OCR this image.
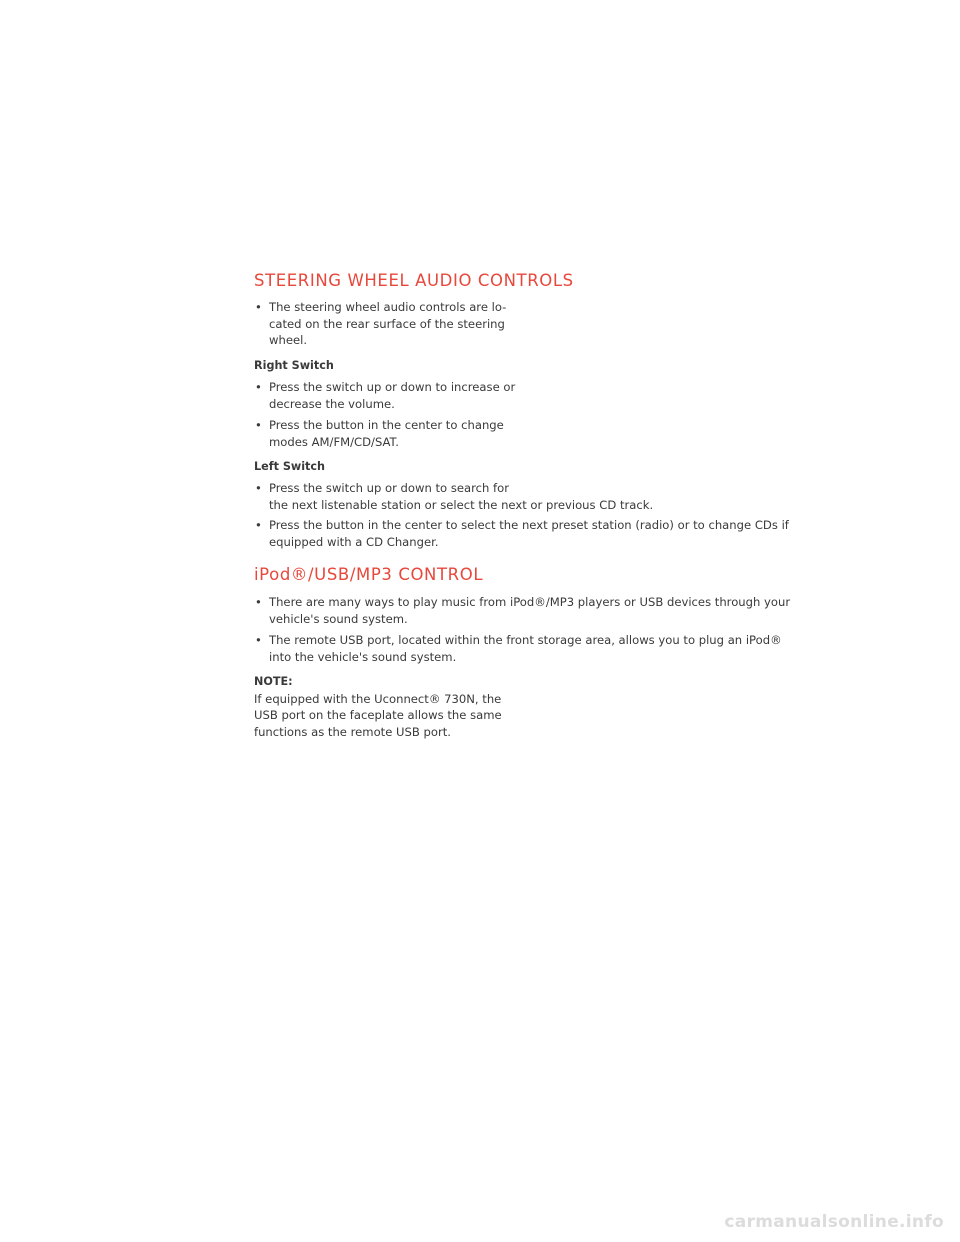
STEERING WHEEL AUDIO CONTROLS
• The steering wheel audio controls are lo-
cated on the rear surface of the steering
wheel.
Right Switch
• Press the switch up or down to increase or
decrease the volume.
• Press the button in the center to change
modes AM/FM/CD/SAT.
Left Switch
• Press the switch up or down to search for
the next listenable station or select the next or previous CD track.
• Press the button in the center to select the next preset station (radio) or to change CDs if
equipped with a CD Changer.
iPod®/USB/MP3 CONTROL
• There are many ways to play music from iPod®/MP3 players or USB devices through your
vehicle's sound system.
• The remote USB port, located within the front storage area, allows you to plug an iPod®
into the vehicle's sound system.
NOTE:
If equipped with the Uconnect® 730N, the
USB port on the faceplate allows the same
functions as the remote USB port.
carmanualsonline.info
